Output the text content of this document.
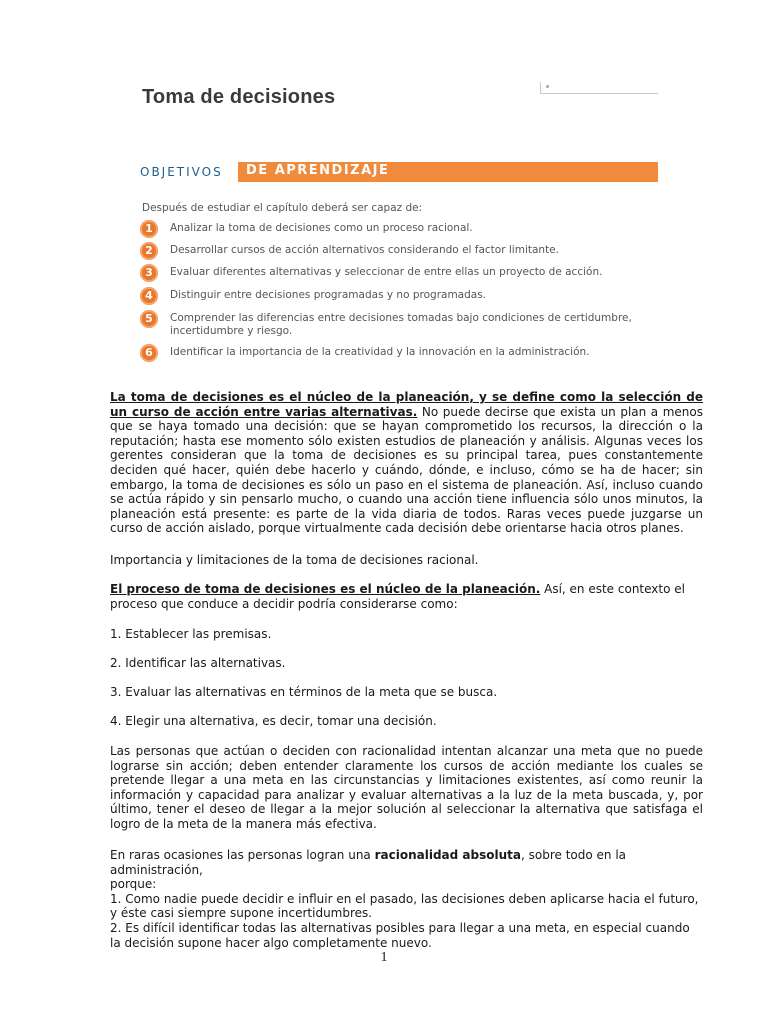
Toma de decisiones
OBJETIVOS DE APRENDIZAJE
Después de estudiar el capítulo deberá ser capaz de:
1	Analizar la toma de decisiones como un proceso racional.
2	Desarrollar cursos de acción alternativos considerando el factor limitante.
3	Evaluar diferentes alternativas y seleccionar de entre ellas un proyecto de acción.
4	Distinguir entre decisiones programadas y no programadas.
5	Comprender las diferencias entre decisiones tomadas bajo condiciones de certidumbre,
incertidumbre y riesgo.
6	Identificar la importancia de la creatividad y la innovación en la administración.

La toma de decisiones es el núcleo de la planeación, y se define como la selección de un curso de acción entre varias alternativas. No puede decirse que exista un plan a menos que se haya tomado una decisión: que se hayan comprometido los recursos, la dirección o la reputación; hasta ese momento sólo existen estudios de planeación y análisis. Algunas veces los gerentes consideran que la toma de decisiones es su principal tarea, pues constantemente deciden qué hacer, quién debe hacerlo y cuándo, dónde, e incluso, cómo se ha de hacer; sin embargo, la toma de decisiones es sólo un paso en el sistema de planeación. Así, incluso cuando se actúa rápido y sin pensarlo mucho, o cuando una acción tiene influencia sólo unos minutos, la planeación está presente: es parte de la vida diaria de todos. Raras veces puede juzgarse un curso de acción aislado, porque virtualmente cada decisión debe orientarse hacia otros planes.

Importancia y limitaciones de la toma de decisiones racional.

El proceso de toma de decisiones es el núcleo de la planeación. Así, en este contexto el proceso que conduce a decidir podría considerarse como:

1. Establecer las premisas.

2. Identificar las alternativas.

3. Evaluar las alternativas en términos de la meta que se busca.

4. Elegir una alternativa, es decir, tomar una decisión.

Las personas que actúan o deciden con racionalidad intentan alcanzar una meta que no puede lograrse sin acción; deben entender claramente los cursos de acción mediante los cuales se pretende llegar a una meta en las circunstancias y limitaciones existentes, así como reunir la información y capacidad para analizar y evaluar alternativas a la luz de la meta buscada, y, por último, tener el deseo de llegar a la mejor solución al seleccionar la alternativa que satisfaga el logro de la meta de la manera más efectiva.

En raras ocasiones las personas logran una racionalidad absoluta, sobre todo en la administración,
porque:
1. Como nadie puede decidir e influir en el pasado, las decisiones deben aplicarse hacia el futuro,
y éste casi siempre supone incertidumbres.
2. Es difícil identificar todas las alternativas posibles para llegar a una meta, en especial cuando
la decisión supone hacer algo completamente nuevo.

1
